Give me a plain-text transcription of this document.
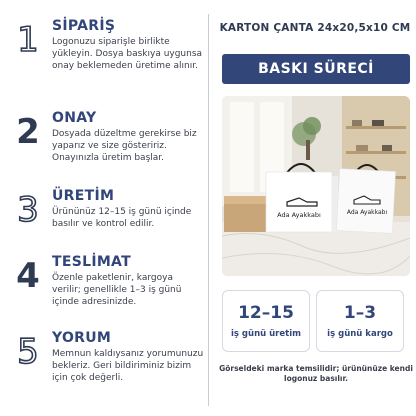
1 SİPARİŞ
Logonuzu siparişle birlikte yükleyin. Dosya baskıya uygunsa onay beklemeden üretime alınır.
2 ONAY
Dosyada düzeltme gerekirse biz yaparız ve size gösteririz. Onayınızla üretim başlar.
3 ÜRETİM
Ürününüz 12–15 iş günü içinde basılır ve kontrol edilir.
4 TESLİMAT
Özenle paketlenir, kargoya verilir; genellikle 1–3 iş günü içinde adresinizde.
5 YORUM
Memnun kaldıysanız yorumunuzu bekleriz. Geri bildiriminiz bizim için çok değerli.
KARTON ÇANTA 24x20,5x10 CM
BASKI SÜRECİ
Ada Ayakkabı	Ada Ayakkabı
12–15
iş günü üretim
1–3
iş günü kargo
Görseldeki marka temsilidir; ürününüze kendi logonuz basılır.
